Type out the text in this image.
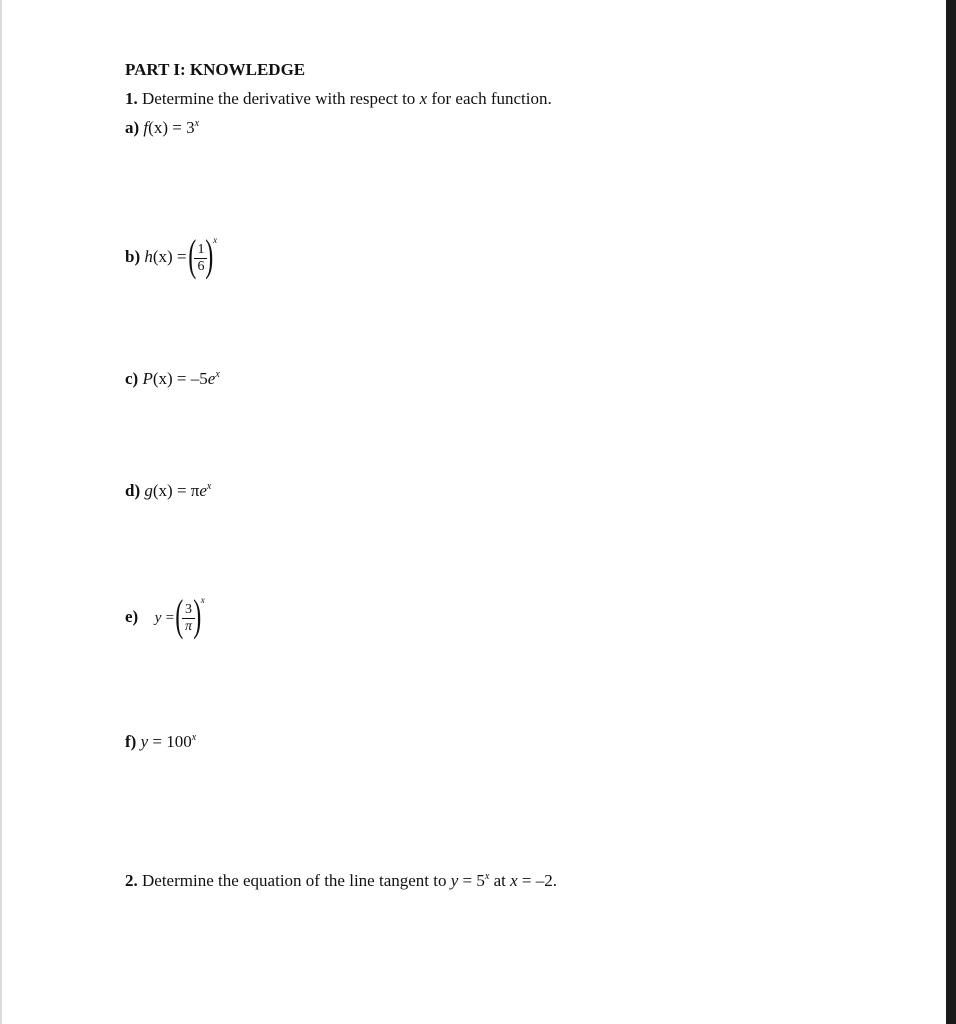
PART I: KNOWLEDGE
1. Determine the derivative with respect to x for each function.
a) $f(x) = 3^x$
b) h(x) = (
$\frac{1}{6}$
) x
c) $P(x) = -5e^x$
d) $g(x) = \pi e^x$
e) y = (
$\frac{3}{\pi}$
) x
f) $y = 100^x$
2. Determine the equation of the line tangent to $y = 5^x$ at x = –2.
